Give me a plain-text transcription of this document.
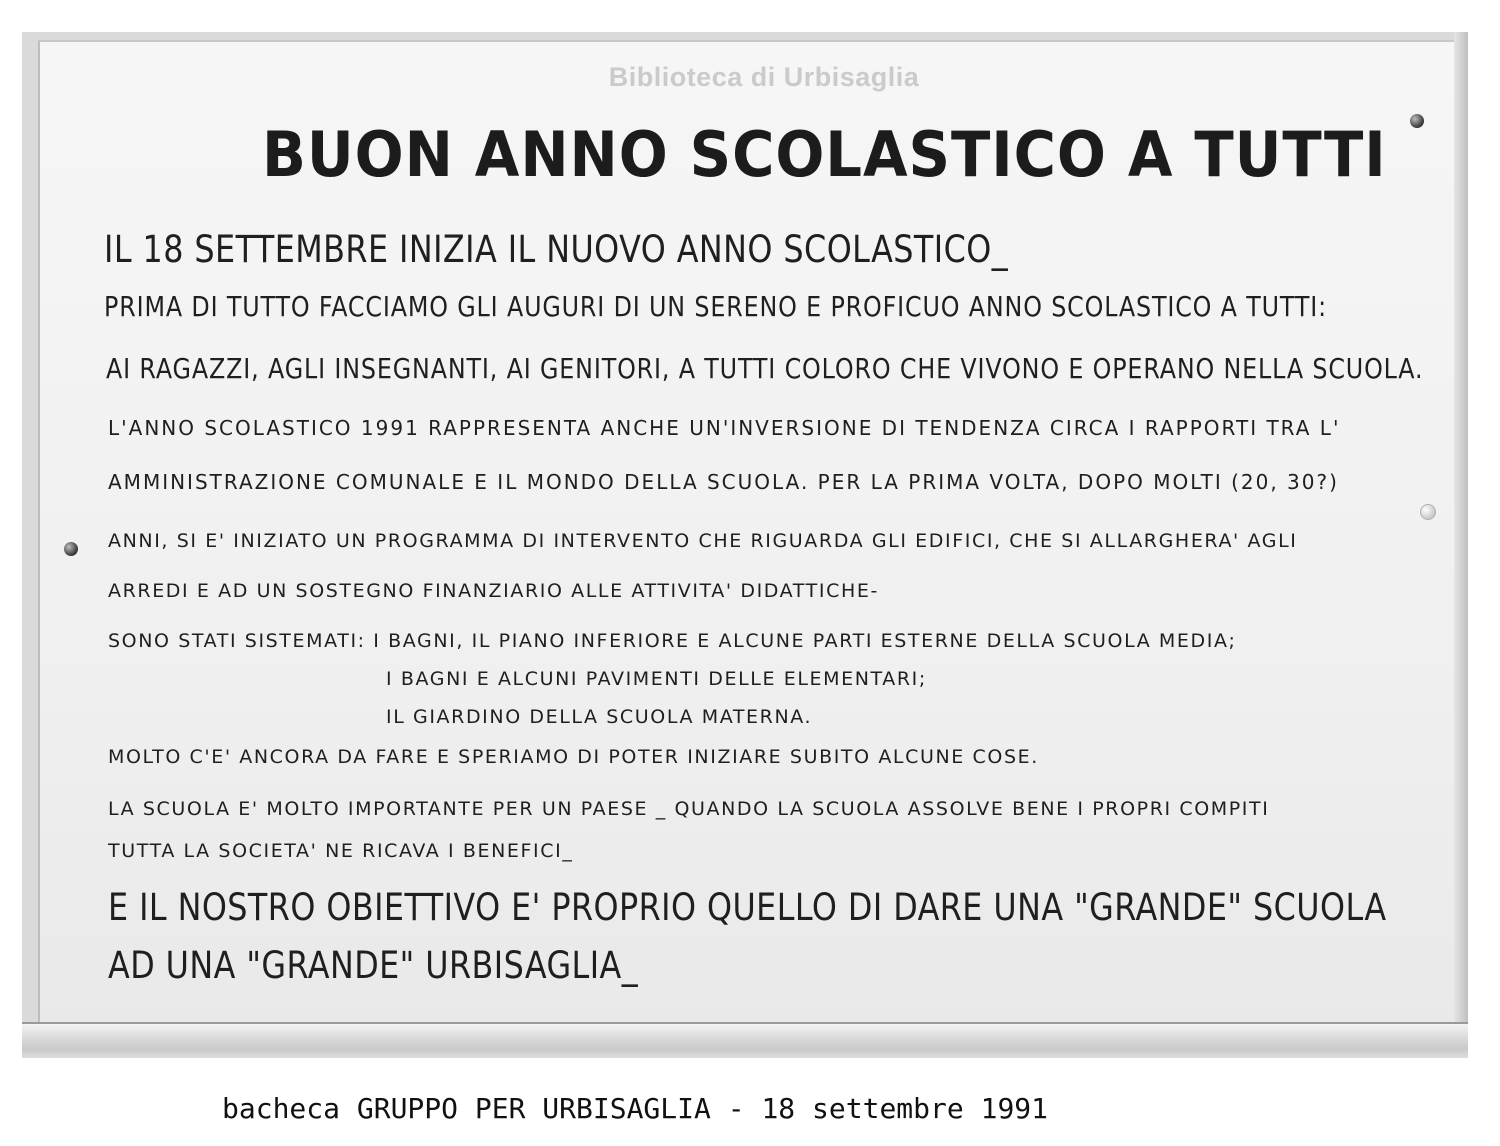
Biblioteca di Urbisaglia
BUON ANNO SCOLASTICO A TUTTI
IL 18 SETTEMBRE INIZIA IL NUOVO ANNO SCOLASTICO_
PRIMA DI TUTTO FACCIAMO GLI AUGURI DI UN SERENO E PROFICUO ANNO SCOLASTICO A TUTTI:
AI RAGAZZI, AGLI INSEGNANTI, AI GENITORI, A TUTTI COLORO CHE VIVONO E OPERANO NELLA SCUOLA.
L'ANNO SCOLASTICO 1991 RAPPRESENTA ANCHE UN'INVERSIONE DI TENDENZA CIRCA I RAPPORTI TRA L'
AMMINISTRAZIONE COMUNALE E IL MONDO DELLA SCUOLA. PER LA PRIMA VOLTA, DOPO MOLTI (20, 30?)
ANNI, SI E' INIZIATO UN PROGRAMMA DI INTERVENTO CHE RIGUARDA GLI EDIFICI, CHE SI ALLARGHERA' AGLI
ARREDI E AD UN SOSTEGNO FINANZIARIO ALLE ATTIVITA' DIDATTICHE-
SONO STATI SISTEMATI: I BAGNI, IL PIANO INFERIORE E ALCUNE PARTI ESTERNE DELLA SCUOLA MEDIA;
I BAGNI E ALCUNI PAVIMENTI DELLE ELEMENTARI;
IL GIARDINO DELLA SCUOLA MATERNA.
MOLTO C'E' ANCORA DA FARE E SPERIAMO DI POTER INIZIARE SUBITO ALCUNE COSE.
LA SCUOLA E' MOLTO IMPORTANTE PER UN PAESE _ QUANDO LA SCUOLA ASSOLVE BENE I PROPRI COMPITI
TUTTA LA SOCIETA' NE RICAVA I BENEFICI_
E IL NOSTRO OBIETTIVO E' PROPRIO QUELLO DI DARE UNA "GRANDE" SCUOLA
AD UNA "GRANDE" URBISAGLIA_
bacheca GRUPPO PER URBISAGLIA - 18 settembre 1991
